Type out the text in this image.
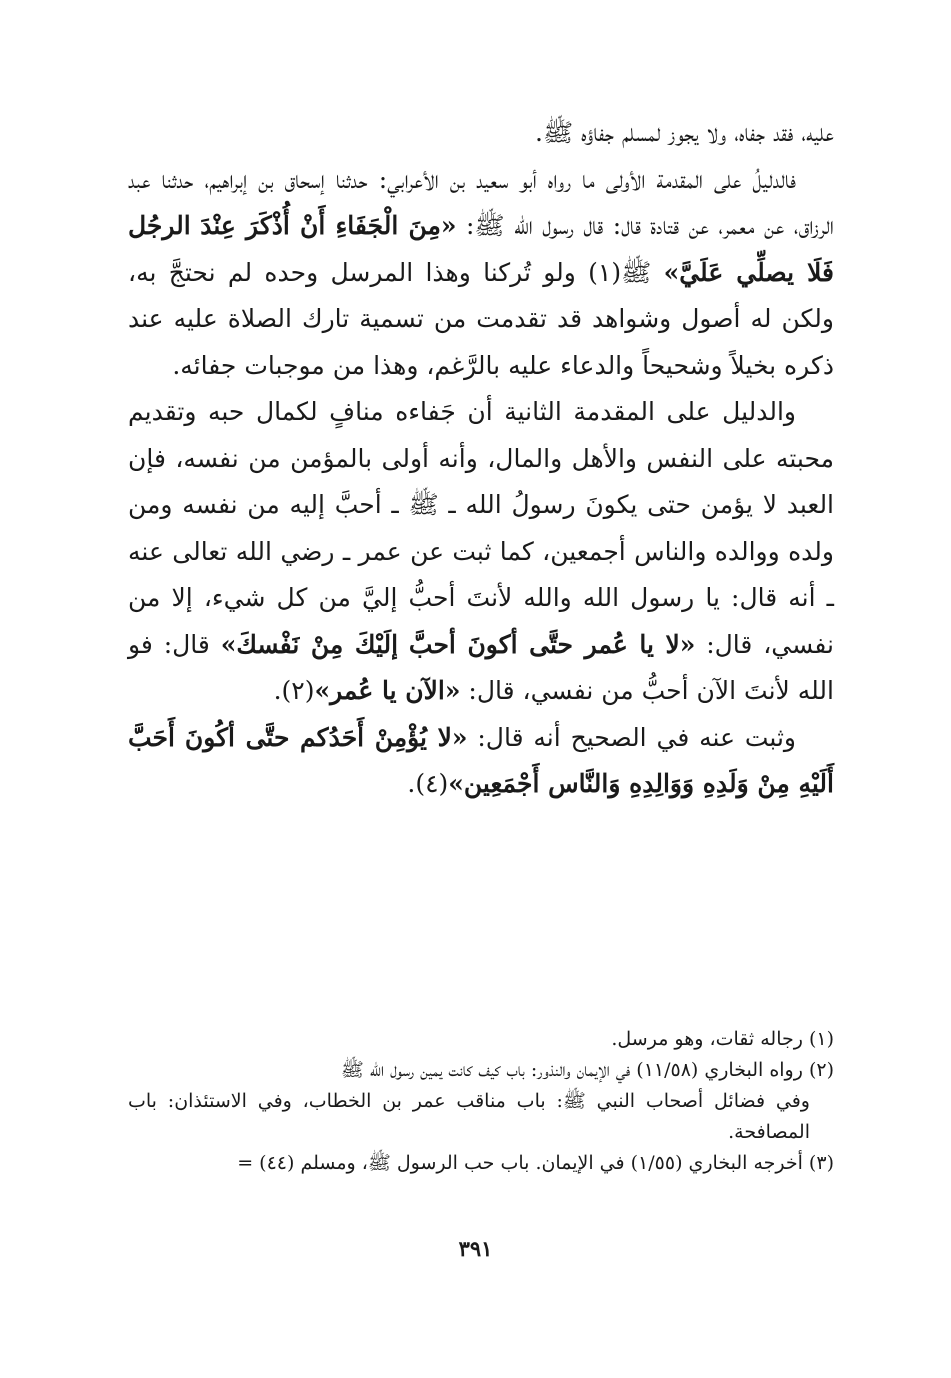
عليه، فقد جفاه، ولا يجوز لمسلم جفاؤه ﷺ.

فالدليلُ على المقدمة الأولى ما رواه أبو سعيد بن الأعرابي: حدثنا إسحاق بن إبراهيم، حدثنا عبد الرزاق، عن معمر، عن قتادة قال: قال رسول الله ﷺ: «مِنَ الْجَفَاءِ أَنْ أُذْكَرَ عِنْدَ الرجُل فَلَا يصلِّي عَلَيَّ» ﷺ(١) ولو تُركنا وهذا المرسل وحده لم نحتجَّ به، ولكن له أصول وشواهد قد تقدمت من تسمية تارك الصلاة عليه عند ذكره بخيلاً وشحيحاً والدعاء عليه بالرَّغم، وهذا من موجبات جفائه.

والدليل على المقدمة الثانية أن جَفاءه منافٍ لكمال حبه وتقديم محبته على النفس والأهل والمال، وأنه أولى بالمؤمن من نفسه، فإن العبد لا يؤمن حتى يكونَ رسولُ الله ـ ﷺ ـ أحبَّ إليه من نفسه ومن ولده ووالده والناس أجمعين، كما ثبت عن عمر ـ رضي الله تعالى عنه ـ أنه قال: يا رسول الله والله لأنتَ أحبُّ إليَّ من كل شيء، إلا من نفسي، قال: «لا يا عُمر حتَّى أكونَ أحبَّ إلَيْكَ مِنْ نَفْسكَ» قال: فو الله لأنتَ الآن أحبُّ من نفسي، قال: «الآن يا عُمر»(٢).

وثبت عنه في الصحيح أنه قال: «لا يُؤْمِنْ أَحَدُكم حتَّى أكُونَ أَحَبَّ أَلَيْهِ مِنْ وَلَدِهِ وَوَالِدِهِ وَالنَّاس أَجْمَعِين»(٤).

(١) رجاله ثقات، وهو مرسل.

(٢) رواه البخاري (١١/٥٨) في الإيمان والنذور: باب كيف كانت يمين رسول الله ﷺ

وفي فضائل أصحاب النبي ﷺ: باب مناقب عمر بن الخطاب، وفي الاستئذان: باب المصافحة.

(٣) أخرجه البخاري (١/٥٥) في الإيمان. باب حب الرسول ﷺ، ومسلم (٤٤) =

٣٩١
